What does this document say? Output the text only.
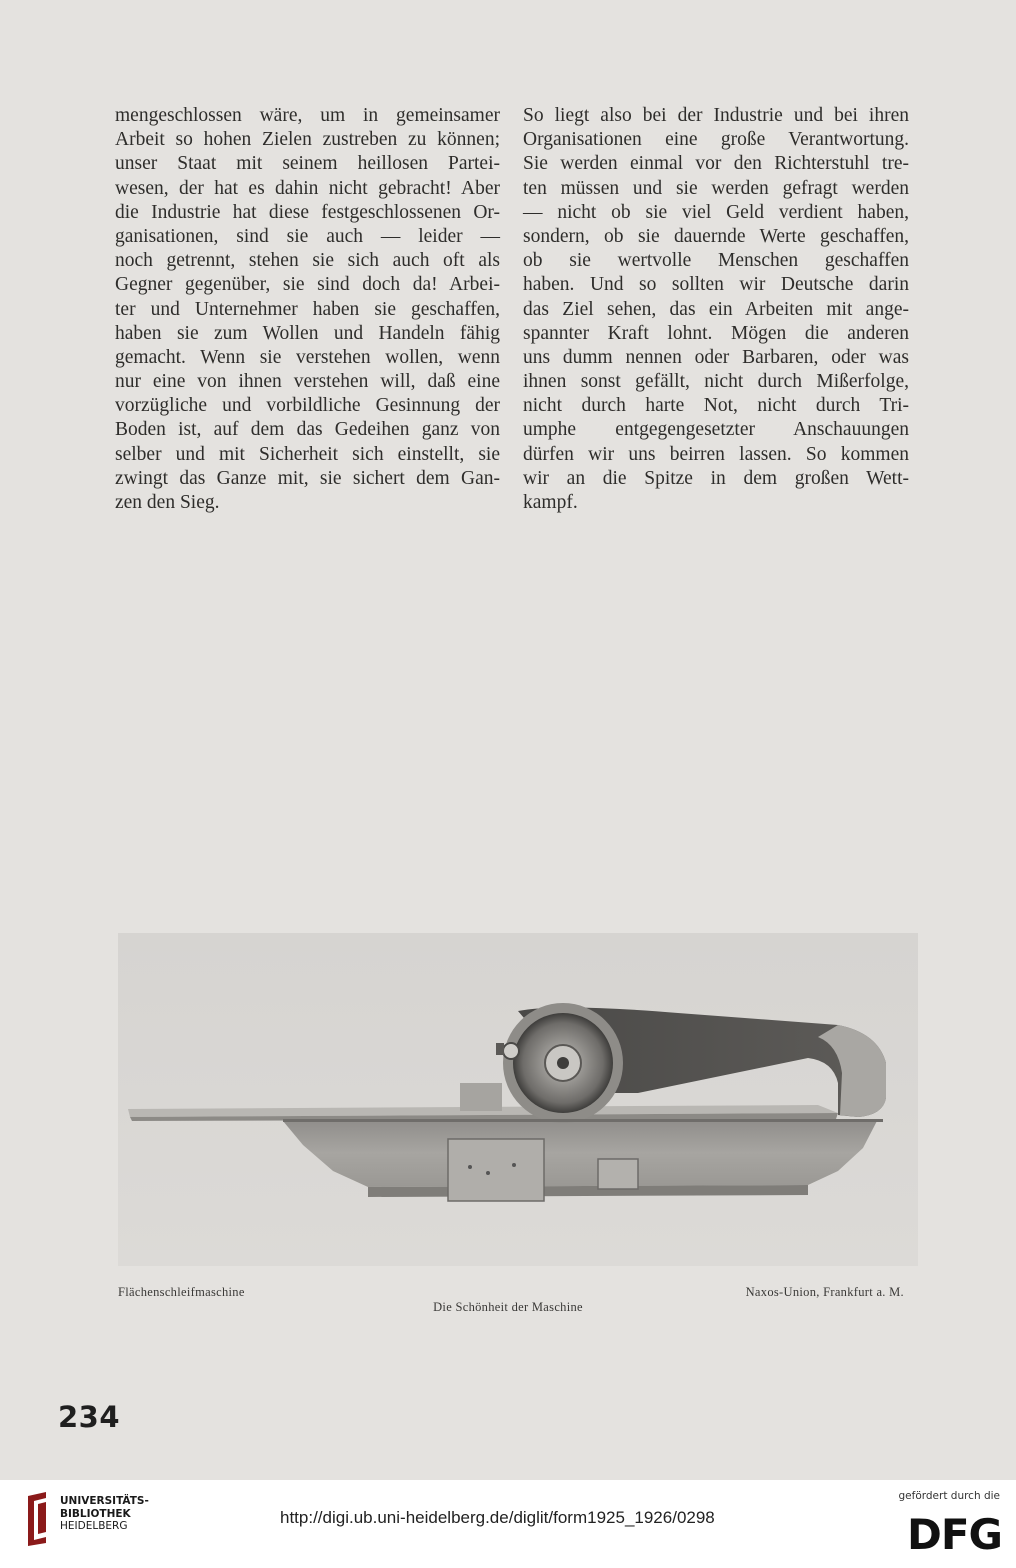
mengeschlossen wäre, um in gemeinsamer
Arbeit so hohen Zielen zustreben zu können;
unser Staat mit seinem heillosen Partei-
wesen, der hat es dahin nicht gebracht! Aber
die Industrie hat diese festgeschlossenen Or-
ganisationen, sind sie auch — leider —
noch getrennt, stehen sie sich auch oft als
Gegner gegenüber, sie sind doch da! Arbei-
ter und Unternehmer haben sie geschaffen,
haben sie zum Wollen und Handeln fähig
gemacht. Wenn sie verstehen wollen, wenn
nur eine von ihnen verstehen will, daß eine
vorzügliche und vorbildliche Gesinnung der
Boden ist, auf dem das Gedeihen ganz von
selber und mit Sicherheit sich einstellt, sie
zwingt das Ganze mit, sie sichert dem Gan-
zen den Sieg.
So liegt also bei der Industrie und bei ihren
Organisationen eine große Verantwortung.
Sie werden einmal vor den Richterstuhl tre-
ten müssen und sie werden gefragt werden
— nicht ob sie viel Geld verdient haben,
sondern, ob sie dauernde Werte geschaffen,
ob sie wertvolle Menschen geschaffen
haben. Und so sollten wir Deutsche darin
das Ziel sehen, das ein Arbeiten mit ange-
spannter Kraft lohnt. Mögen die anderen
uns dumm nennen oder Barbaren, oder was
ihnen sonst gefällt, nicht durch Mißerfolge,
nicht durch harte Not, nicht durch Tri-
umphe entgegengesetzter Anschauungen
dürfen wir uns beirren lassen. So kommen
wir an die Spitze in dem großen Wett-
kampf.
Flächenschleifmaschine	Naxos-Union, Frankfurt a. M.
Die Schönheit der Maschine
234
UNIVERSITÄTS-
BIBLIOTHEK
HEIDELBERG	http://digi.ub.uni-heidelberg.de/diglit/form1925_1926/0298
gefördert durch die
DFG
